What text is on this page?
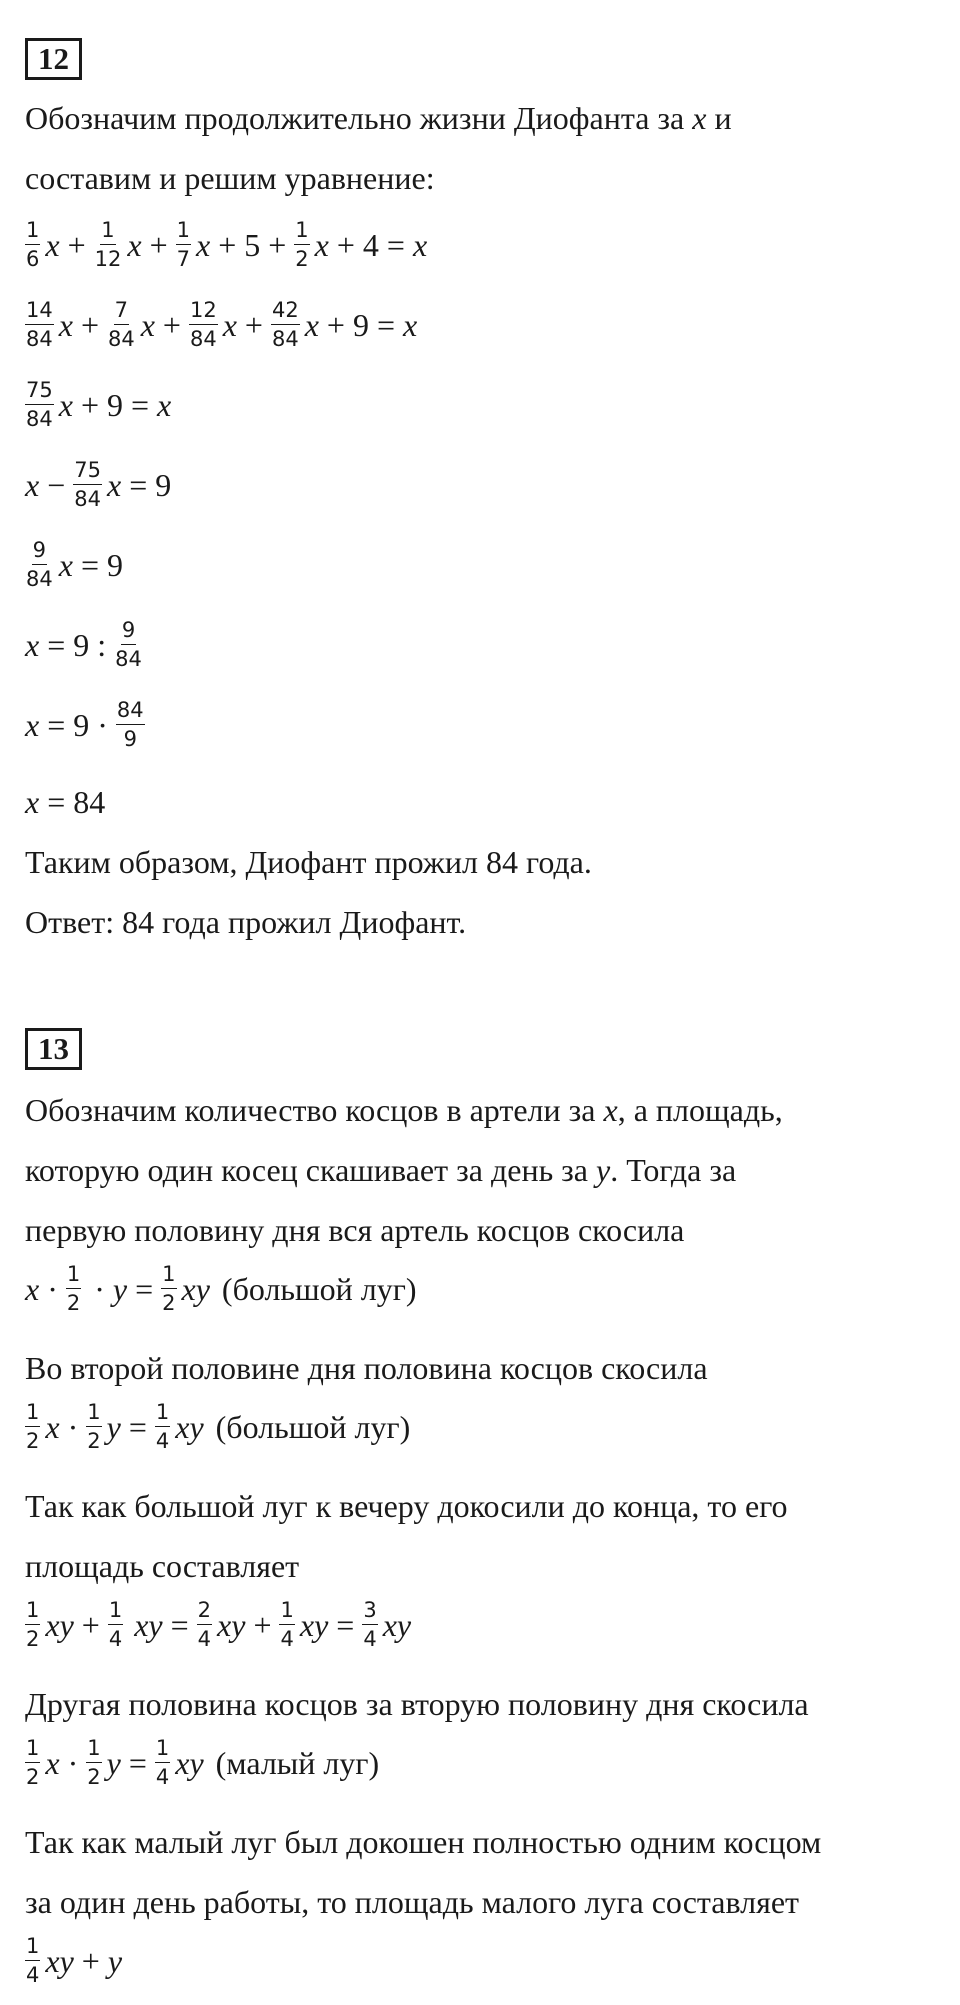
12
Обозначим продолжительно жизни Диофанта за x и
составим и решим уравнение:
$\frac{1}{6}$ $x + \frac{1}{12}$ $x + \frac{1}{7}$ $x + 5 + \frac{1}{2}$ x + 4 = x
$\frac{14}{84}$ $x + \frac{7}{84}$ $x + \frac{12}{84}$ $x + \frac{42}{84}$ x + 9 = x
$\frac{75}{84}$ x + 9 = x
$x - \frac{75}{84}$ x = 9
$\frac{9}{84}$ x = 9
x = 9 : $\frac{9}{84}$
$x = 9 \cdot \frac{84}{9}$
x = 84
Таким образом, Диофант прожил 84 года.
Ответ: 84 года прожил Диофант.
13
Обозначим количество косцов в артели за x, а площадь,
которую один косец скашивает за день за y. Тогда за
первую половину дня вся артель косцов скосила
$x \cdot \frac{1}{2} \cdot y = \frac{1}{2}$ xy (большой луг)
Во второй половине дня половина косцов скосила
$\frac{1}{2}$ $x \cdot \frac{1}{2}$ $y = \frac{1}{4}$ xy (большой луг)
Так как большой луг к вечеру докосили до конца, то его
площадь составляет
$\frac{1}{2}$ xy + $\frac{1}{4}$ xy = $\frac{2}{4}$ xy + $\frac{1}{4}$ xy = $\frac{3}{4}$ xy
Другая половина косцов за вторую половину дня скосила
$\frac{1}{2}$ $x \cdot \frac{1}{2}$ $y = \frac{1}{4}$ xy (малый луг)
Так как малый луг был докошен полностью одним косцом
за один день работы, то площадь малого луга составляет
$\frac{1}{4}$ xy + y
